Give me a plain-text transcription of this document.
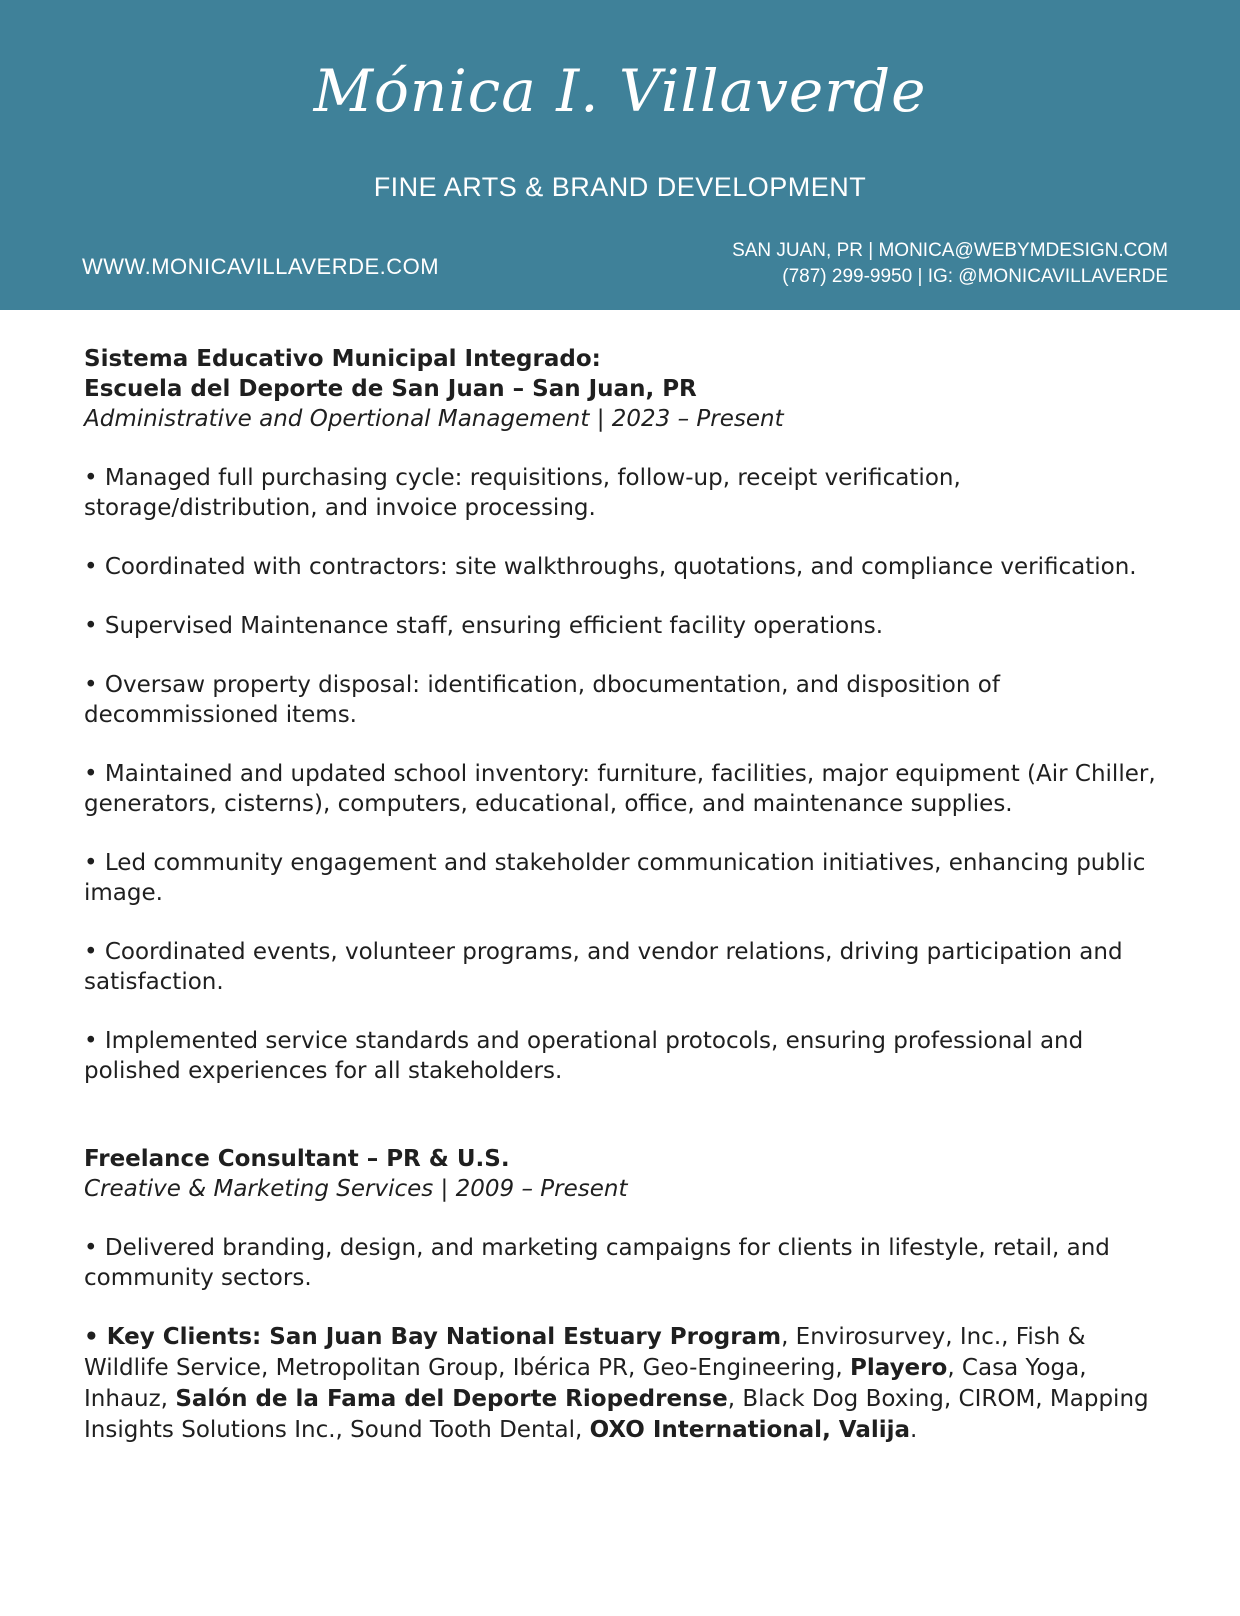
Mónica I. Villaverde
FINE ARTS & BRAND DEVELOPMENT
WWW.MONICAVILLAVERDE.COM
SAN JUAN, PR | MONICA@WEBYMDESIGN.COM
(787) 299-9950 | IG: @MONICAVILLAVERDE

Sistema Educativo Municipal Integrado:

Escuela del Deporte de San Juan – San Juan, PR

Administrative and Opertional Management | 2023 – Present

• Managed full purchasing cycle: requisitions, follow-up, receipt verification, storage/distribution, and invoice processing.
• Coordinated with contractors: site walkthroughs, quotations, and compliance verification.
• Supervised Maintenance staff, ensuring efficient facility operations.
• Oversaw property disposal: identification, dbocumentation, and disposition of decommissioned items.
• Maintained and updated school inventory: furniture, facilities, major equipment (Air Chiller, generators, cisterns), computers, educational, office, and maintenance supplies.
• Led community engagement and stakeholder communication initiatives, enhancing public image.
• Coordinated events, volunteer programs, and vendor relations, driving participation and satisfaction.
• Implemented service standards and operational protocols, ensuring professional and polished experiences for all stakeholders.

Freelance Consultant – PR & U.S.

Creative & Marketing Services | 2009 – Present

• Delivered branding, design, and marketing campaigns for clients in lifestyle, retail, and community sectors.
• Key Clients: San Juan Bay National Estuary Program, Envirosurvey, Inc., Fish & Wildlife Service, Metropolitan Group, Ibérica PR, Geo-Engineering, Playero, Casa Yoga, Inhauz, Salón de la Fama del Deporte Riopedrense, Black Dog Boxing, CIROM, Mapping Insights Solutions Inc., Sound Tooth Dental, OXO International, Valija.
